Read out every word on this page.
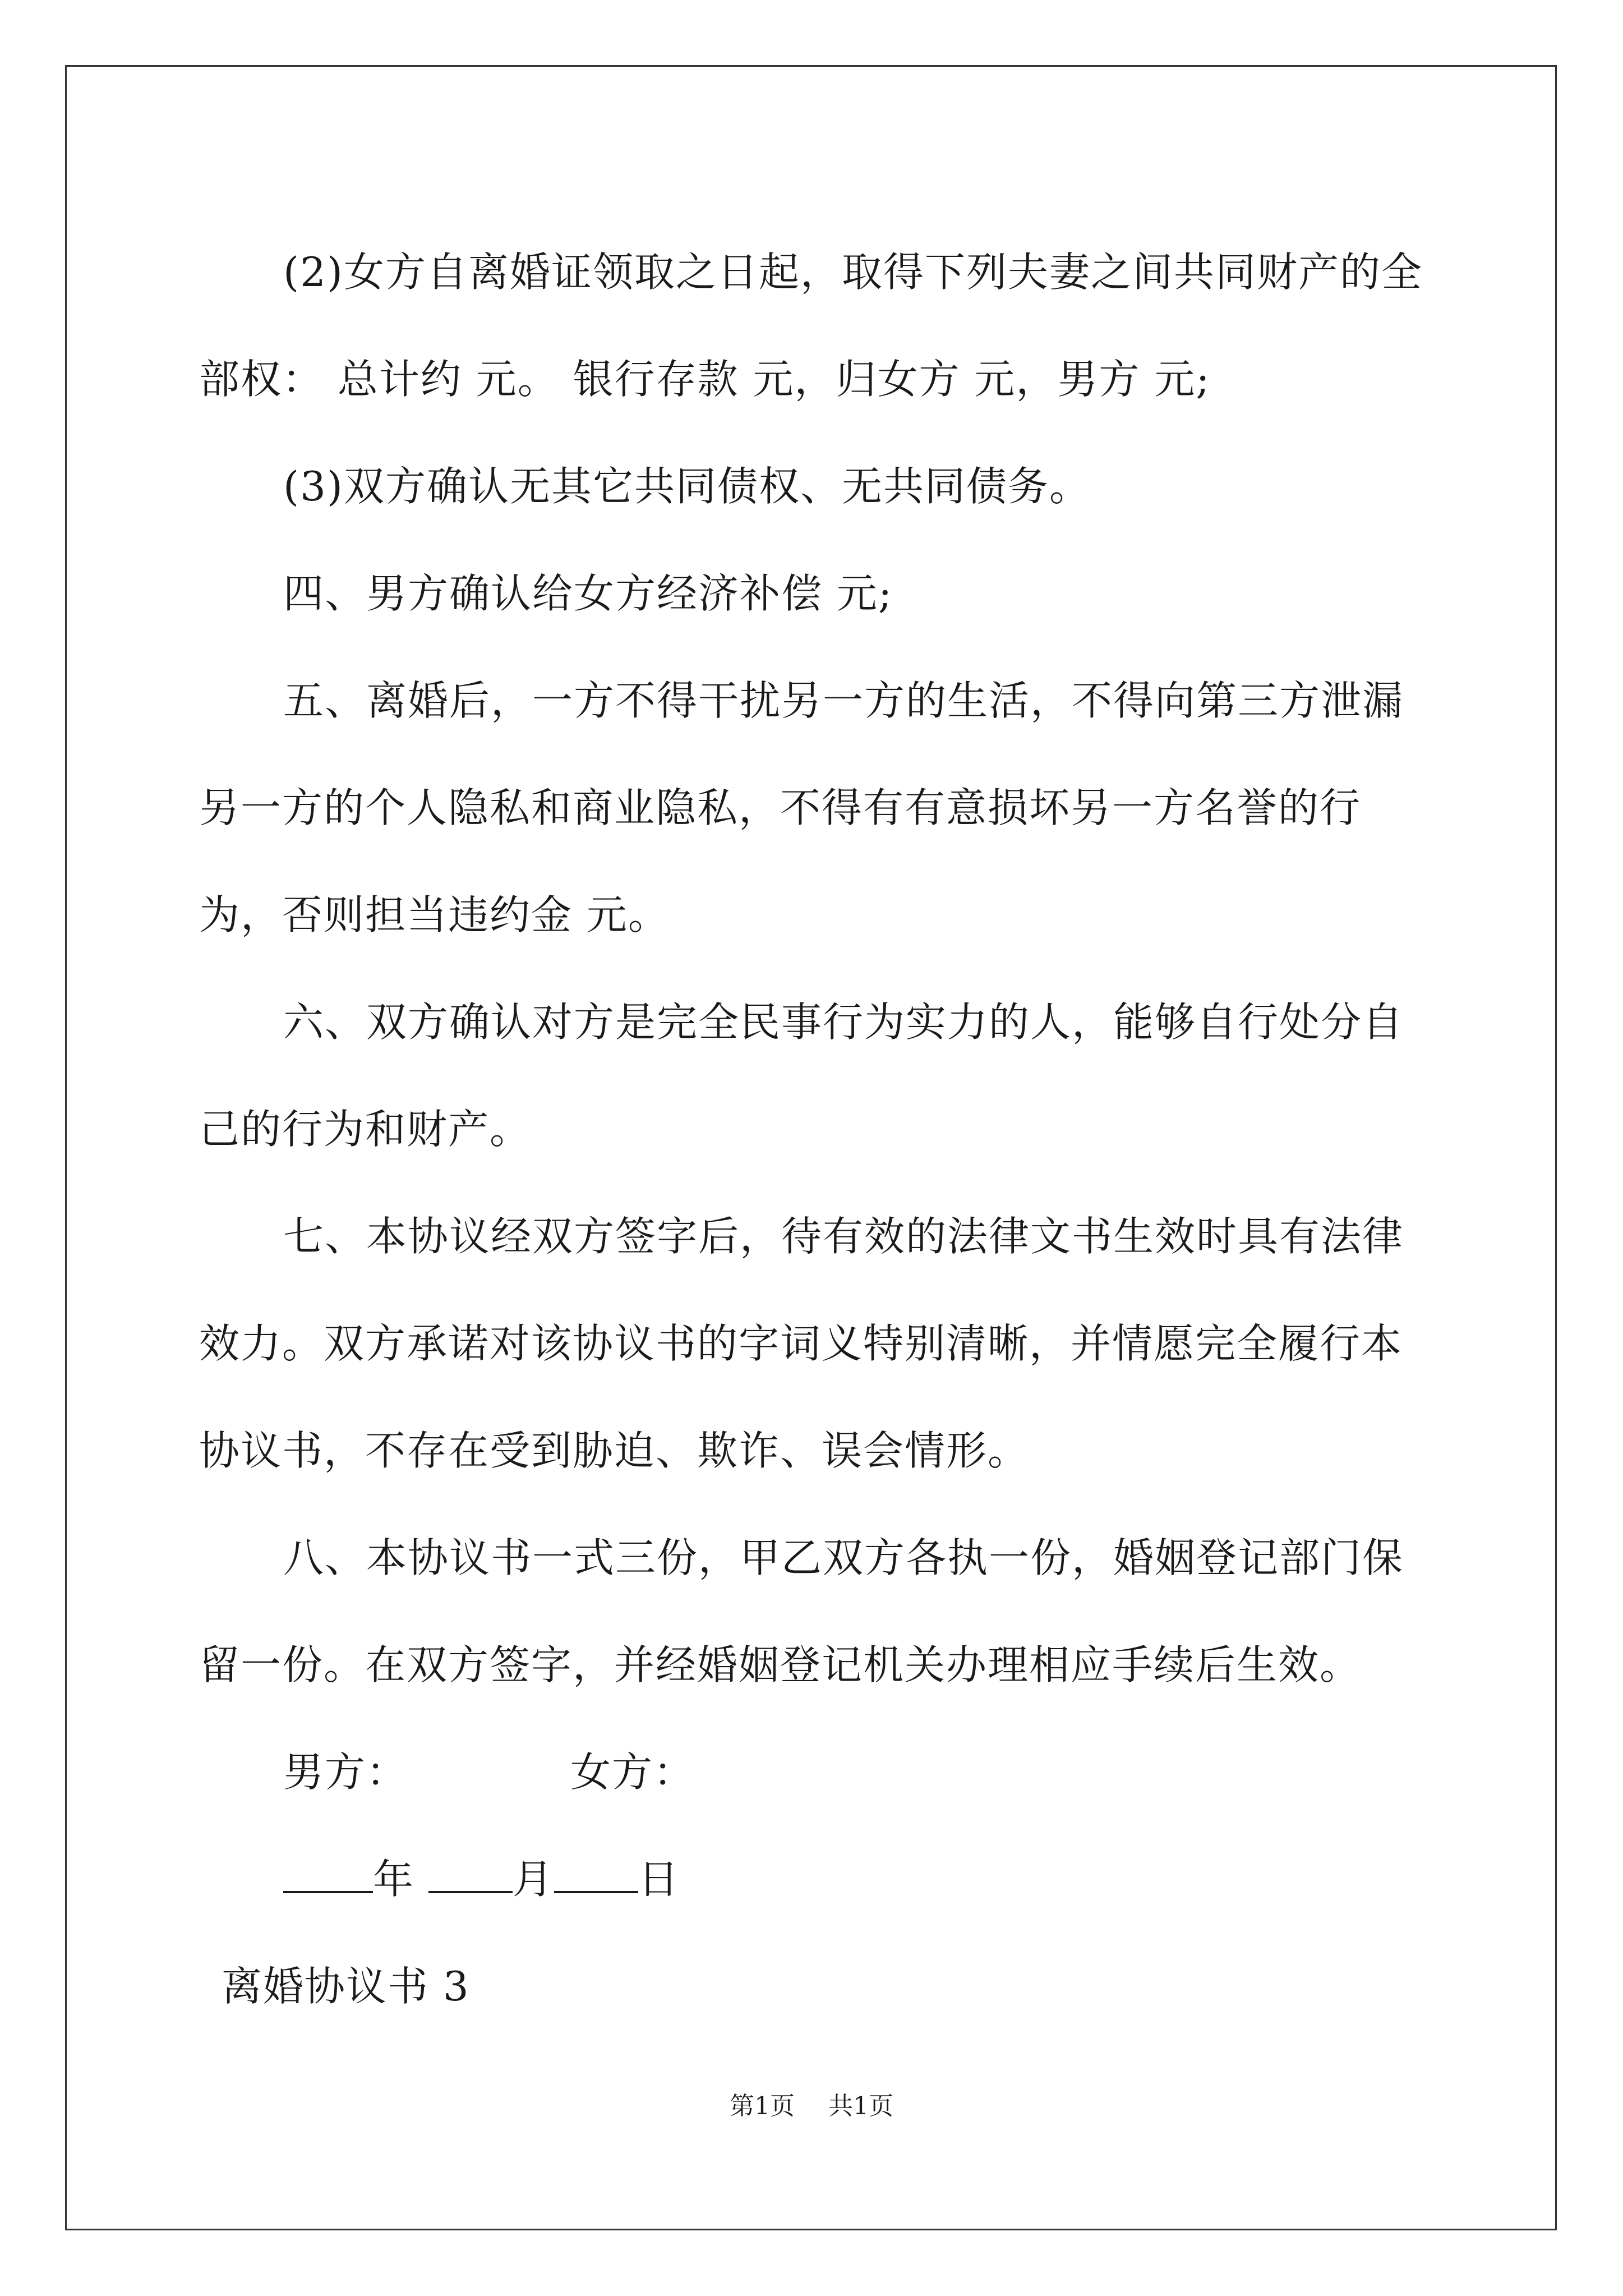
(2)女方自离婚证领取之日起，取得下列夫妻之间共同财产的全部权： 总计约 元。 银行存款 元，归女方 元，男方 元;

(3)双方确认无其它共同债权、无共同债务。

四、男方确认给女方经济补偿 元;

五、离婚后，一方不得干扰另一方的生活，不得向第三方泄漏另一方的个人隐私和商业隐私，不得有有意损坏另一方名誉的行为，否则担当违约金 元。

六、双方确认对方是完全民事行为实力的人，能够自行处分自己的行为和财产。

七、本协议经双方签字后，待有效的法律文书生效时具有法律效力。双方承诺对该协议书的字词义特别清晰，并情愿完全履行本协议书，不存在受到胁迫、欺诈、误会情形。

八、本协议书一式三份，甲乙双方各执一份，婚姻登记部门保留一份。在双方签字，并经婚姻登记机关办理相应手续后生效。

男方：	女方：
年 月 日
离婚协议书 3
第1页 共1页
